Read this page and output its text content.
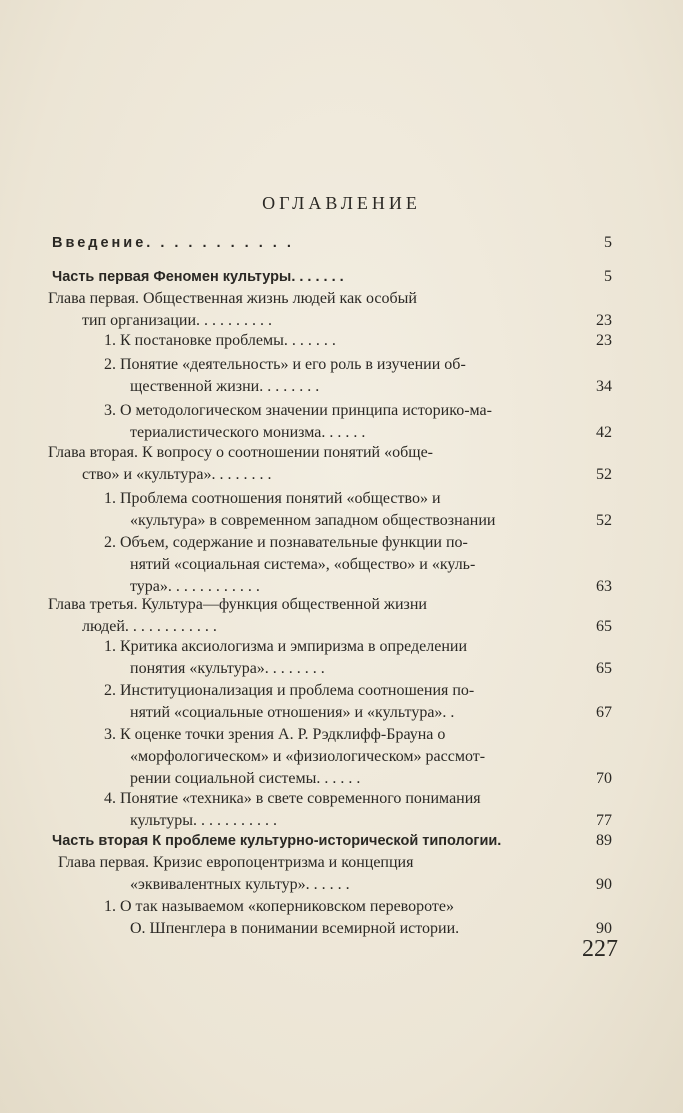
ОГЛАВЛЕНИЕ
Введение. . . . . . . . . . .	5
Часть первая Феномен культуры. . . . . . .	5
Глава первая. Общественная жизнь людей как особый
тип организации. . . . . . . . . .	23
1. К постановке проблемы. . . . . . .	23
2. Понятие «деятельность» и его роль в изучении об-
щественной жизни. . . . . . . .	34
3. О методологическом значении принципа историко-ма-
териалистического монизма. . . . . .	42
Глава вторая. К вопросу о соотношении понятий «обще-
ство» и «культура». . . . . . . .	52
1. Проблема соотношения понятий «общество» и
«культура» в современном западном обществознании	52
2. Объем, содержание и познавательные функции по-
нятий «социальная система», «общество» и «куль-
тура». . . . . . . . . . . .	63
Глава третья. Культура—функция общественной жизни
людей. . . . . . . . . . . .	65
1. Критика аксиологизма и эмпиризма в определении
понятия «культура». . . . . . . .	65
2. Институционализация и проблема соотношения по-
нятий «социальные отношения» и «культура». .	67
3. К оценке точки зрения А. Р. Рэдклифф-Брауна о
«морфологическом» и «физиологическом» рассмот-
рении социальной системы. . . . . .	70
4. Понятие «техника» в свете современного понимания
культуры. . . . . . . . . . .	77
Часть вторая К проблеме культурно-исторической типологии.	89
Глава первая. Кризис европоцентризма и концепция
«эквивалентных культур». . . . . .	90
1. О так называемом «коперниковском перевороте»
О. Шпенглера в понимании всемирной истории.	90
227
